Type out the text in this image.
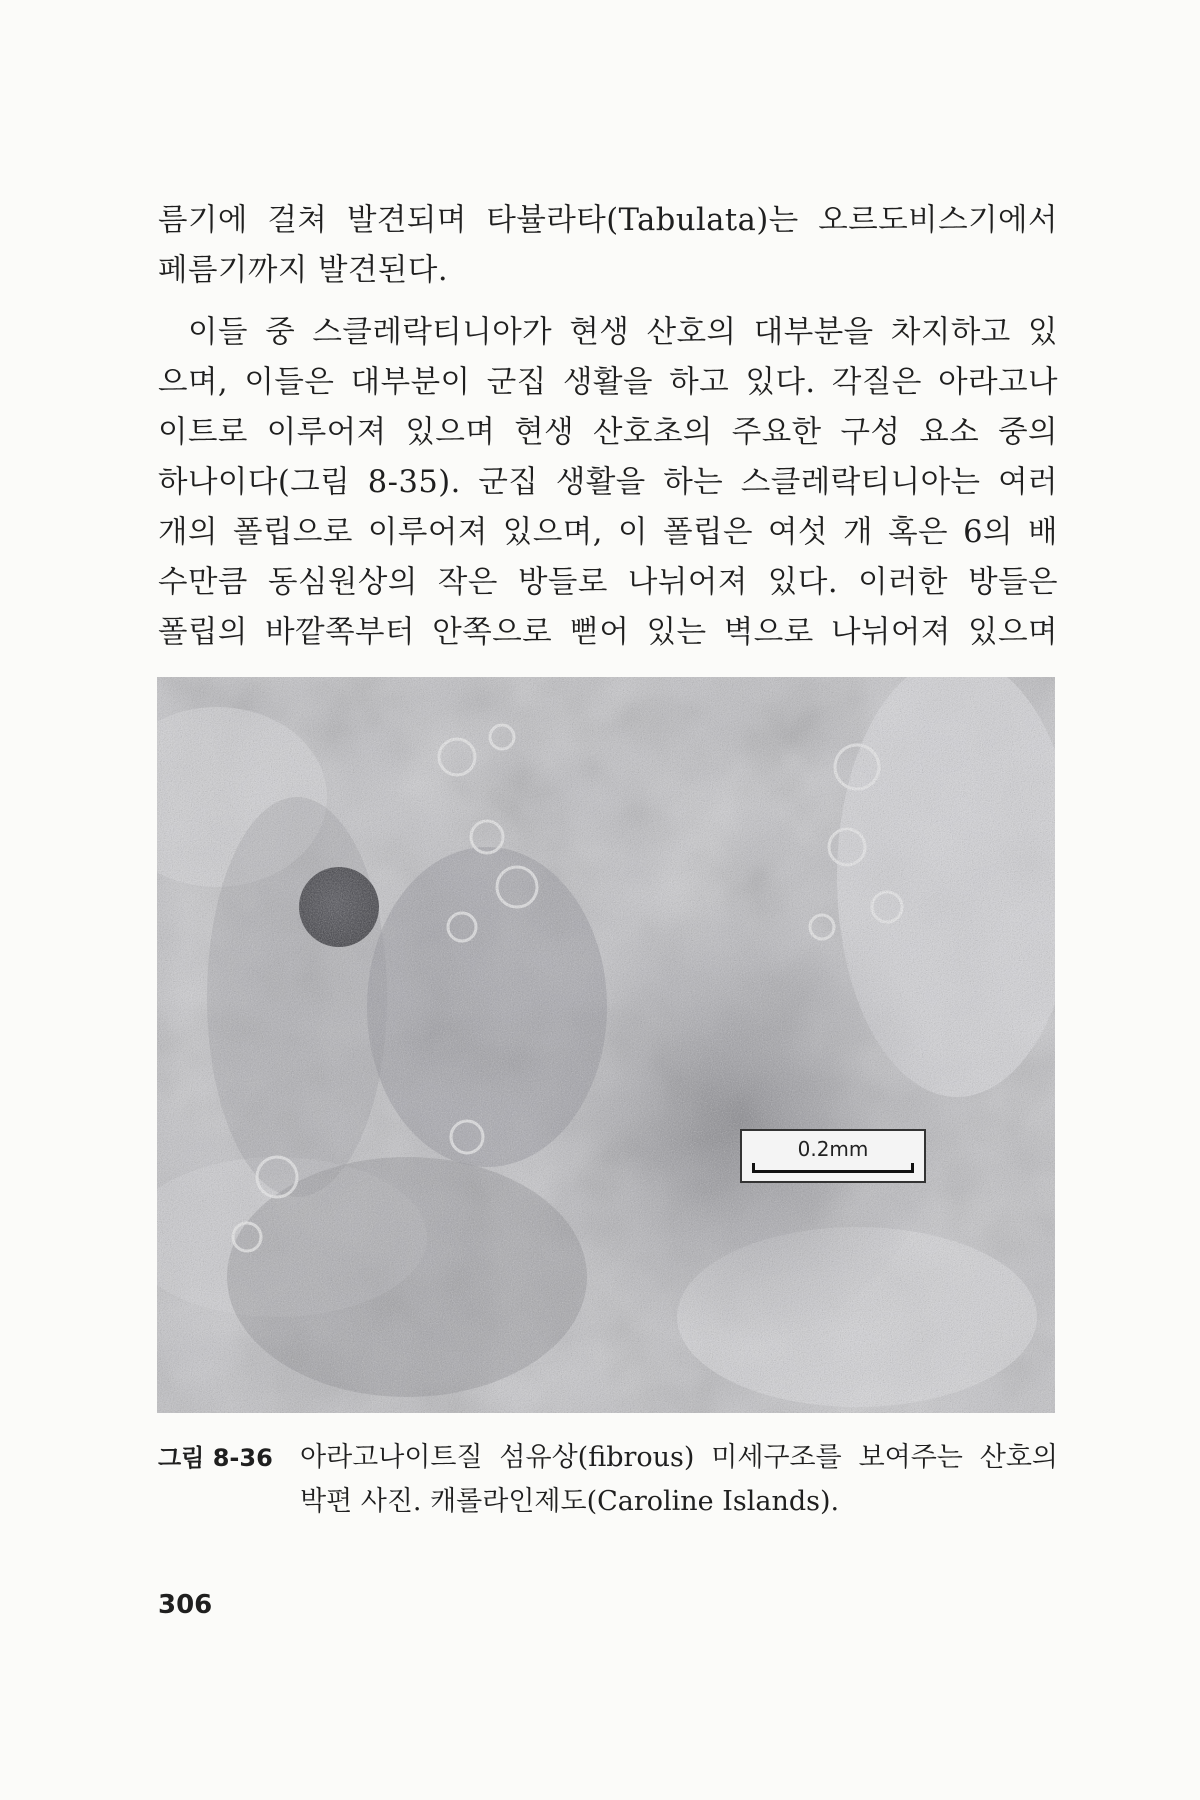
름기에 걸쳐 발견되며 타뷸라타(Tabulata)는 오르도비스기에서

페름기까지 발견된다.

이들 중 스클레락티니아가 현생 산호의 대부분을 차지하고 있

으며, 이들은 대부분이 군집 생활을 하고 있다. 각질은 아라고나

이트로 이루어져 있으며 현생 산호초의 주요한 구성 요소 중의

하나이다(그림 8-35). 군집 생활을 하는 스클레락티니아는 여러

개의 폴립으로 이루어져 있으며, 이 폴립은 여섯 개 혹은 6의 배

수만큼 동심원상의 작은 방들로 나뉘어져 있다. 이러한 방들은

폴립의 바깥쪽부터 안쪽으로 뻗어 있는 벽으로 나뉘어져 있으며

0.2mm
그림 8-36	아라고나이트질 섬유상(fibrous) 미세구조를 보여주는 산호의
박편 사진. 캐롤라인제도(Caroline Islands).
306
